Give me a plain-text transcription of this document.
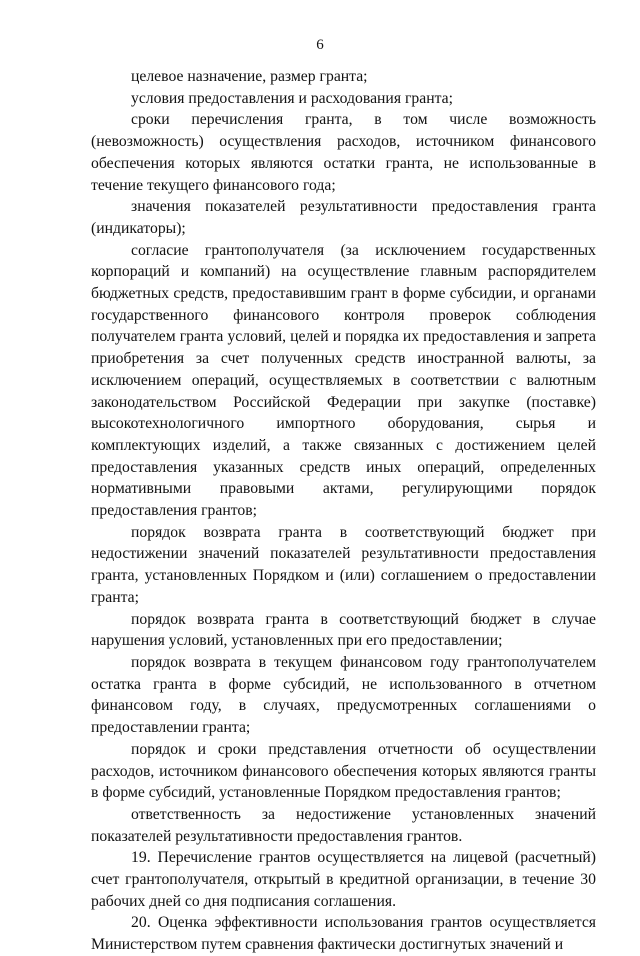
6

целевое назначение, размер гранта;

условия предоставления и расходования гранта;

сроки перечисления гранта, в том числе возможность (невозможность) осуществления расходов, источником финансового обеспечения которых являются остатки гранта, не использованные в течение текущего финансового года;

значения показателей результативности предоставления гранта (индикаторы);

согласие грантополучателя (за исключением государственных корпораций и компаний) на осуществление главным распорядителем бюджетных средств, предоставившим грант в форме субсидии, и органами государственного финансового контроля проверок соблюдения получателем гранта условий, целей и порядка их предоставления и запрета приобретения за счет полученных средств иностранной валюты, за исключением операций, осуществляемых в соответствии с валютным законодательством Российской Федерации при закупке (поставке) высокотехнологичного импортного оборудования, сырья и комплектующих изделий, а также связанных с достижением целей предоставления указанных средств иных операций, определенных нормативными правовыми актами, регулирующими порядок предоставления грантов;

порядок возврата гранта в соответствующий бюджет при недостижении значений показателей результативности предоставления гранта, установленных Порядком и (или) соглашением о предоставлении гранта;

порядок возврата гранта в соответствующий бюджет в случае нарушения условий, установленных при его предоставлении;

порядок возврата в текущем финансовом году грантополучателем остатка гранта в форме субсидий, не использованного в отчетном финансовом году, в случаях, предусмотренных соглашениями о предоставлении гранта;

порядок и сроки представления отчетности об осуществлении расходов, источником финансового обеспечения которых являются гранты в форме субсидий, установленные Порядком предоставления грантов;

ответственность за недостижение установленных значений показателей результативности предоставления грантов.

19. Перечисление грантов осуществляется на лицевой (расчетный) счет грантополучателя, открытый в кредитной организации, в течение 30 рабочих дней со дня подписания соглашения.

20. Оценка эффективности использования грантов осуществляется Министерством путем сравнения фактически достигнутых значений и
